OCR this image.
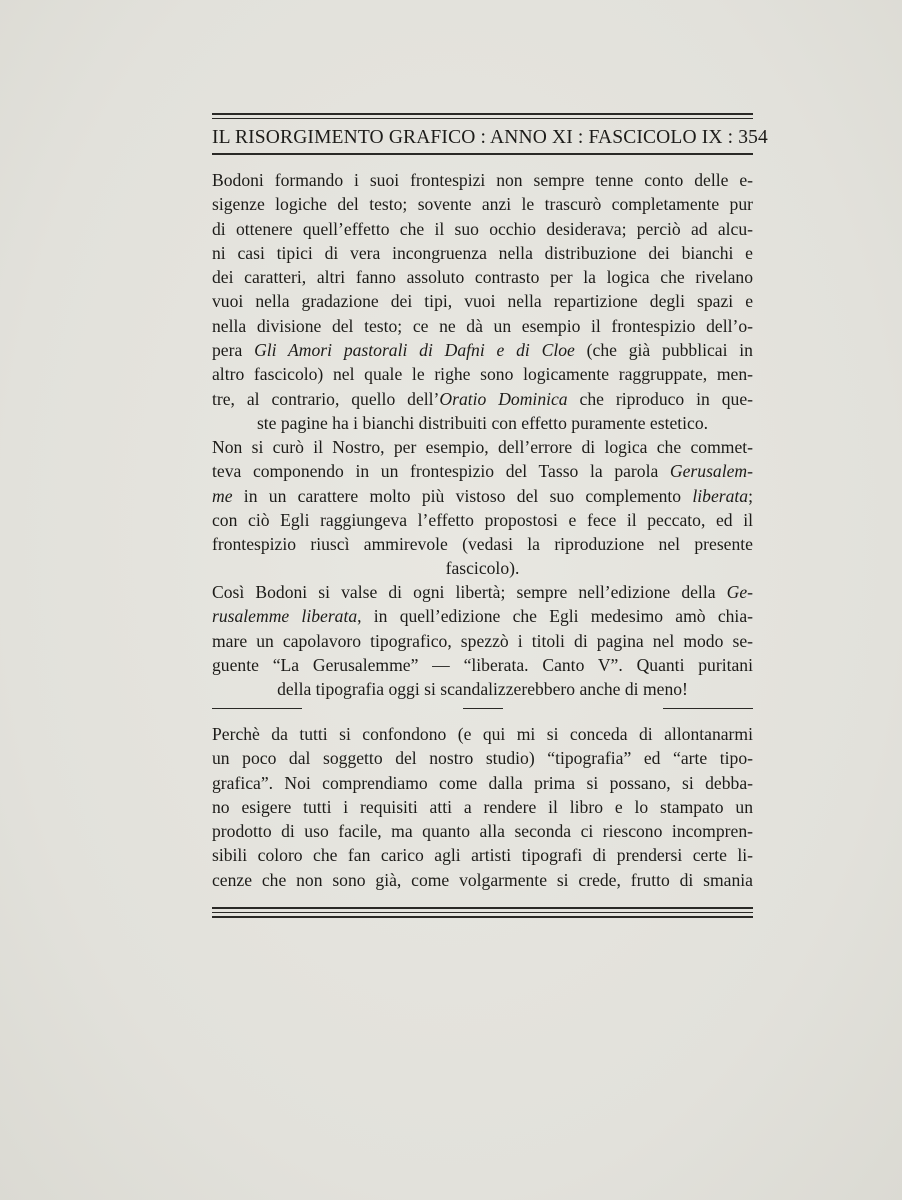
IL RISORGIMENTO GRAFICO : ANNO XI : FASCICOLO IX : 354
Bodoni formando i suoi frontespizi non sempre tenne conto delle e-
sigenze logiche del testo; sovente anzi le trascurò completamente pur
di ottenere quell’effetto che il suo occhio desiderava; perciò ad alcu-
ni casi tipici di vera incongruenza nella distribuzione dei bianchi e
dei caratteri, altri fanno assoluto contrasto per la logica che rivelano
vuoi nella gradazione dei tipi, vuoi nella repartizione degli spazi e
nella divisione del testo; ce ne dà un esempio il frontespizio dell’o-
pera Gli Amori pastorali di Dafni e di Cloe (che già pubblicai in
altro fascicolo) nel quale le righe sono logicamente raggruppate, men-
tre, al contrario, quello dell’Oratio Dominica che riproduco in que-
ste pagine ha i bianchi distribuiti con effetto puramente estetico.
Non si curò il Nostro, per esempio, dell’errore di logica che commet-
teva componendo in un frontespizio del Tasso la parola Gerusalem-
me in un carattere molto più vistoso del suo complemento liberata;
con ciò Egli raggiungeva l’effetto propostosi e fece il peccato, ed il
frontespizio riuscì ammirevole (vedasi la riproduzione nel presente
fascicolo).
Così Bodoni si valse di ogni libertà; sempre nell’edizione della Ge-
rusalemme liberata, in quell’edizione che Egli medesimo amò chia-
mare un capolavoro tipografico, spezzò i titoli di pagina nel modo se-
guente “La Gerusalemme” — “liberata. Canto V”. Quanti puritani
della tipografia oggi si scandalizzerebbero anche di meno!
Perchè da tutti si confondono (e qui mi si conceda di allontanarmi
un poco dal soggetto del nostro studio) “tipografia” ed “arte tipo-
grafica”. Noi comprendiamo come dalla prima si possano, si debba-
no esigere tutti i requisiti atti a rendere il libro e lo stampato un
prodotto di uso facile, ma quanto alla seconda ci riescono incompren-
sibili coloro che fan carico agli artisti tipografi di prendersi certe li-
cenze che non sono già, come volgarmente si crede, frutto di smania
